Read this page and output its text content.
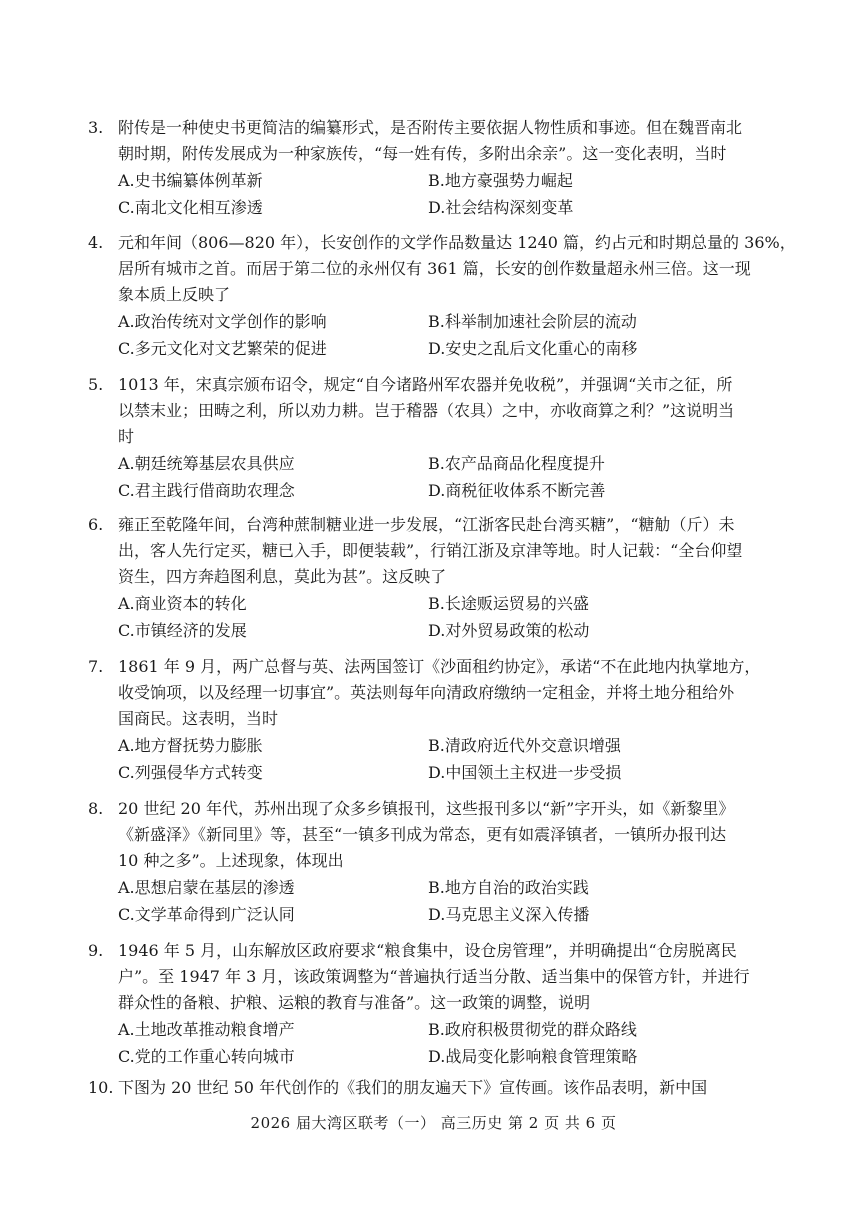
3. 附传是一种使史书更简洁的编纂形式，是否附传主要依据人物性质和事迹。但在魏晋南北
朝时期，附传发展成为一种家族传，“每一姓有传，多附出余亲”。这一变化表明，当时
A.史书编纂体例革新	B.地方豪强势力崛起
C.南北文化相互渗透	D.社会结构深刻变革
4. 元和年间（806—820 年），长安创作的文学作品数量达 1240 篇，约占元和时期总量的 36%，
居所有城市之首。而居于第二位的永州仅有 361 篇，长安的创作数量超永州三倍。这一现
象本质上反映了
A.政治传统对文学创作的影响	B.科举制加速社会阶层的流动
C.多元文化对文艺繁荣的促进	D.安史之乱后文化重心的南移
5. 1013 年，宋真宗颁布诏令，规定“自今诸路州军农器并免收税”，并强调“关市之征，所
以禁末业；田畴之利，所以劝力耕。岂于稽器（农具）之中，亦收商算之利？”这说明当
时
A.朝廷统筹基层农具供应	B.农产品商品化程度提升
C.君主践行借商助农理念	D.商税征收体系不断完善
6. 雍正至乾隆年间，台湾种蔗制糖业进一步发展，“江浙客民赴台湾买糖”，“糖觔（斤）未
出，客人先行定买，糖已入手，即便装载”，行销江浙及京津等地。时人记载：“全台仰望
资生，四方奔趋图利息，莫此为甚”。这反映了
A.商业资本的转化	B.长途贩运贸易的兴盛
C.市镇经济的发展	D.对外贸易政策的松动
7. 1861 年 9 月，两广总督与英、法两国签订《沙面租约协定》，承诺“不在此地内执掌地方，
收受饷项，以及经理一切事宜”。英法则每年向清政府缴纳一定租金，并将土地分租给外
国商民。这表明，当时
A.地方督抚势力膨胀	B.清政府近代外交意识增强
C.列强侵华方式转变	D.中国领土主权进一步受损
8. 20 世纪 20 年代，苏州出现了众多乡镇报刊，这些报刊多以“新”字开头，如《新黎里》
《新盛泽》《新同里》等，甚至“一镇多刊成为常态，更有如震泽镇者，一镇所办报刊达
10 种之多”。上述现象，体现出
A.思想启蒙在基层的渗透	B.地方自治的政治实践
C.文学革命得到广泛认同	D.马克思主义深入传播
9. 1946 年 5 月，山东解放区政府要求“粮食集中，设仓房管理”，并明确提出“仓房脱离民
户”。至 1947 年 3 月，该政策调整为“普遍执行适当分散、适当集中的保管方针，并进行
群众性的备粮、护粮、运粮的教育与准备”。这一政策的调整，说明
A.土地改革推动粮食增产	B.政府积极贯彻党的群众路线
C.党的工作重心转向城市	D.战局变化影响粮食管理策略
10. 下图为 20 世纪 50 年代创作的《我们的朋友遍天下》宣传画。该作品表明，新中国
2026 届大湾区联考（一） 高三历史 第 2 页 共 6 页
